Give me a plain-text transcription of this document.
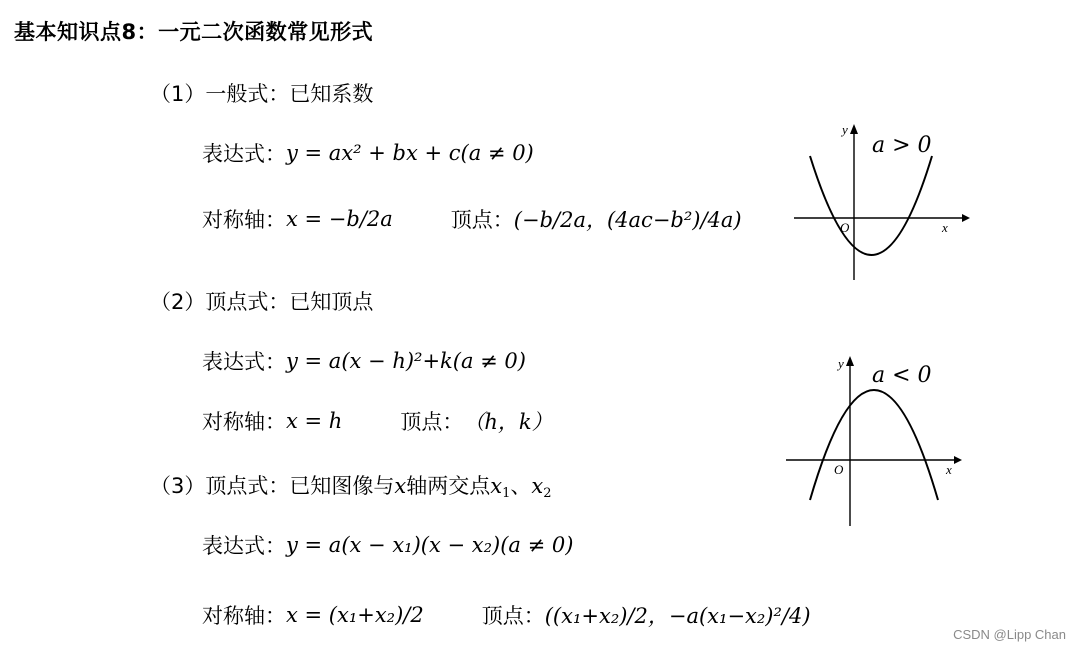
基本知识点8：一元二次函数常见形式
（1）一般式：已知系数
表达式： y = ax² + bx + c(a ≠ 0)
对称轴： x = −b/2a	顶点： (−b/2a，(4ac−b²)/4a)
（2）顶点式：已知顶点
表达式： y = a(x − h)²+k(a ≠ 0)
对称轴： x = h	顶点： （h，k）
（3）顶点式：已知图像与x轴两交点$x_1$、$x_2$
表达式： y = a(x − x₁)(x − x₂)(a ≠ 0)
对称轴： x = (x₁+x₂)/2	顶点： ((x₁+x₂)/2，−a(x₁−x₂)²/4)
y
x
O
a > 0
y
x
O
a < 0
CSDN @Lipp Chan
